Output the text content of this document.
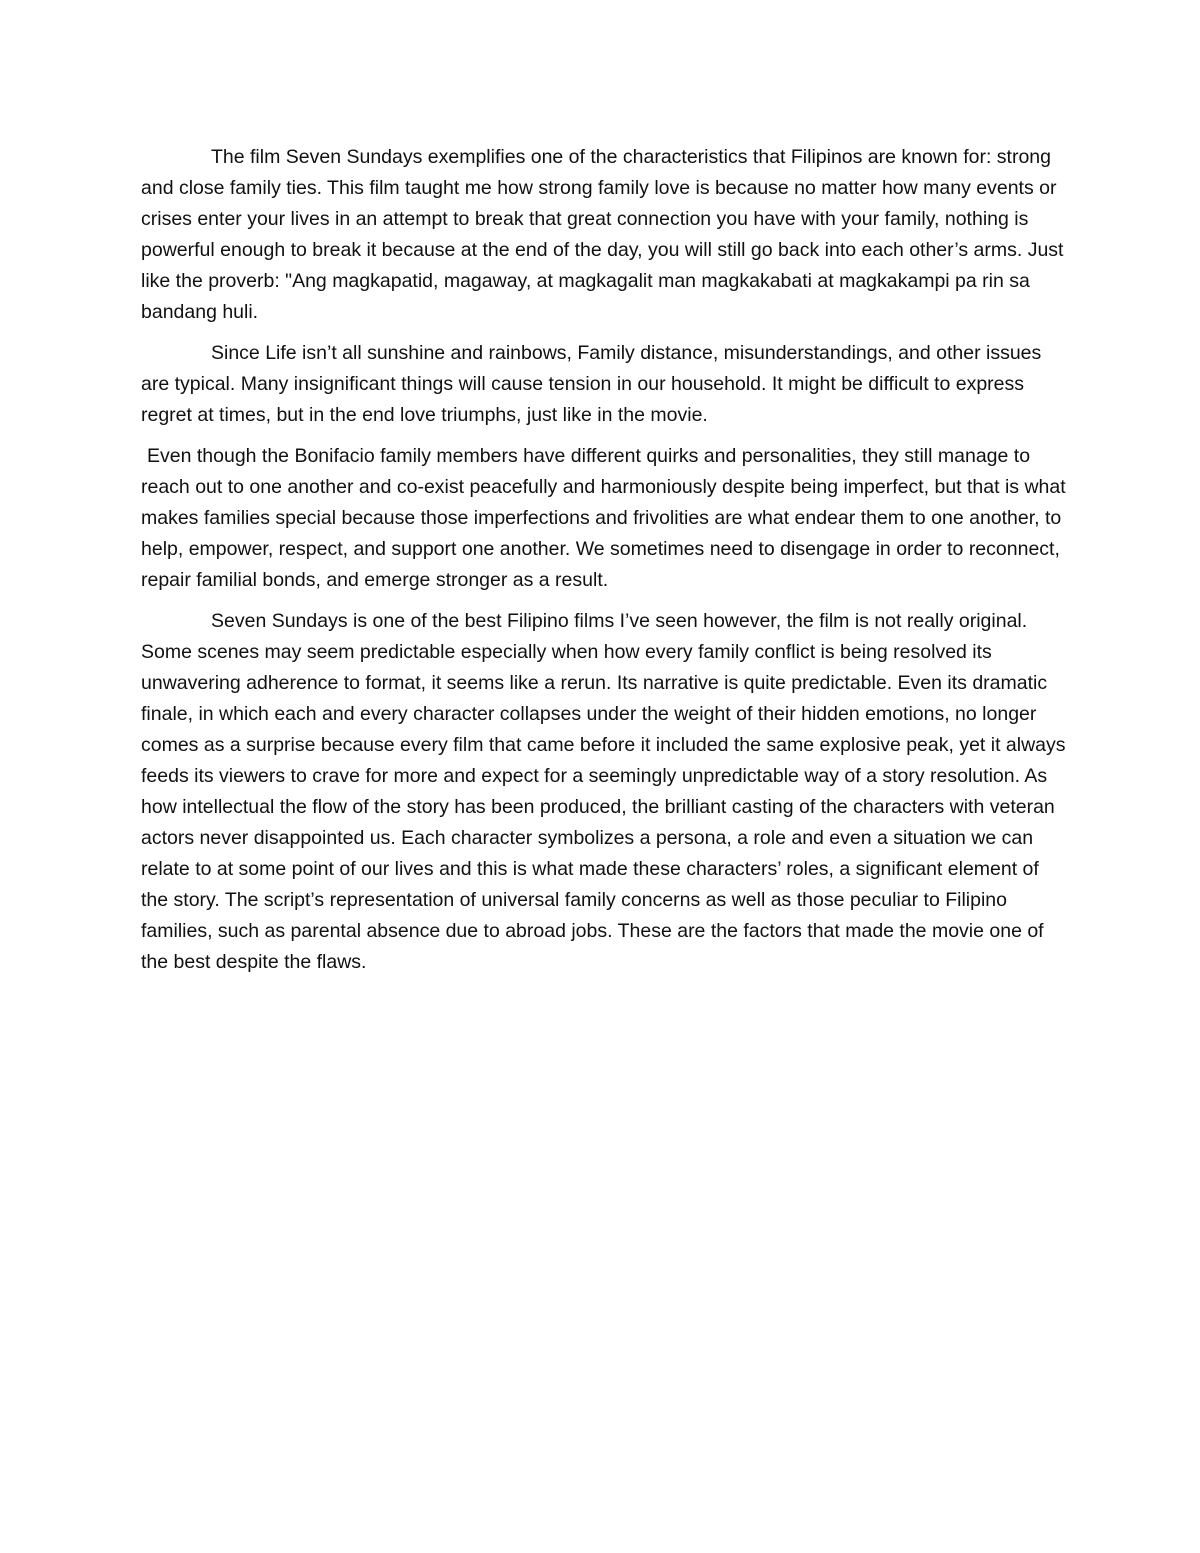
The film Seven Sundays exemplifies one of the characteristics that Filipinos are known for: strong and close family ties. This film taught me how strong family love is because no matter how many events or crises enter your lives in an attempt to break that great connection you have with your family, nothing is powerful enough to break it because at the end of the day, you will still go back into each other’s arms. Just like the proverb: "Ang magkapatid, magaway, at magkagalit man magkakabati at magkakampi pa rin sa bandang huli.

Since Life isn’t all sunshine and rainbows, Family distance, misunderstandings, and other issues are typical. Many insignificant things will cause tension in our household. It might be difficult to express regret at times, but in the end love triumphs, just like in the movie.

Even though the Bonifacio family members have different quirks and personalities, they still manage to reach out to one another and co-exist peacefully and harmoniously despite being imperfect, but that is what makes families special because those imperfections and frivolities are what endear them to one another, to help, empower, respect, and support one another. We sometimes need to disengage in order to reconnect, repair familial bonds, and emerge stronger as a result.

Seven Sundays is one of the best Filipino films I’ve seen however, the film is not really original. Some scenes may seem predictable especially when how every family conflict is being resolved its unwavering adherence to format, it seems like a rerun. Its narrative is quite predictable. Even its dramatic finale, in which each and every character collapses under the weight of their hidden emotions, no longer comes as a surprise because every film that came before it included the same explosive peak, yet it always feeds its viewers to crave for more and expect for a seemingly unpredictable way of a story resolution. As how intellectual the flow of the story has been produced, the brilliant casting of the characters with veteran actors never disappointed us. Each character symbolizes a persona, a role and even a situation we can relate to at some point of our lives and this is what made these characters’ roles, a significant element of the story. The script’s representation of universal family concerns as well as those peculiar to Filipino families, such as parental absence due to abroad jobs. These are the factors that made the movie one of the best despite the flaws.
